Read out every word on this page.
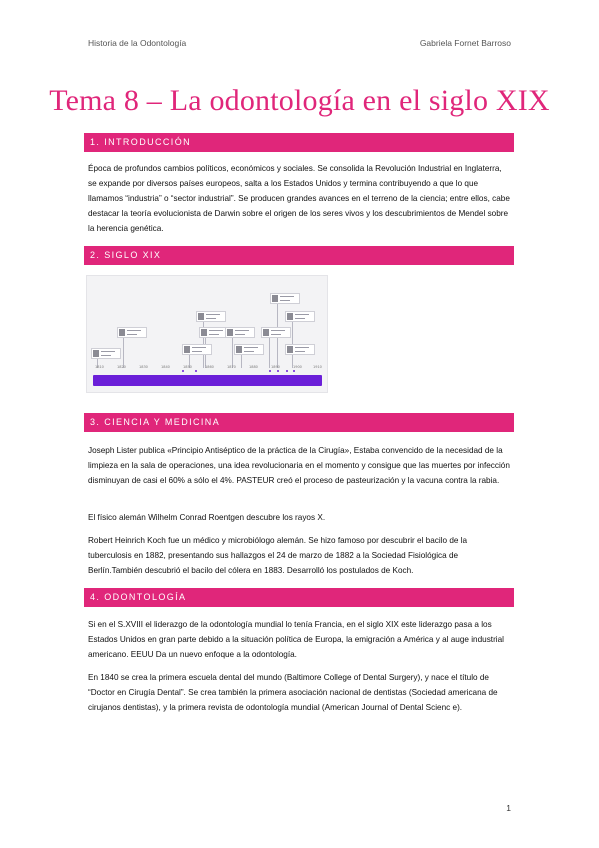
Historia de la Odontología	Gabriela Fornet Barroso
Tema 8 – La odontología en el siglo XIX
1. INTRODUCCIÓN
Época de profundos cambios políticos, económicos y sociales. Se consolida la Revolución Industrial en Inglaterra, se expande por diversos países europeos, salta a los Estados Unidos y termina contribuyendo a que lo que llamamos “industria” o “sector industrial”. Se producen grandes avances en el terreno de la ciencia; entre ellos, cabe destacar la teoría evolucionista de Darwin sobre el origen de los seres vivos y los descubrimientos de Mendel sobre la herencia genética.
2. SIGLO XIX
1810	1820	1830	1840	1850	1860	1870	1880	1890	1900	1910
3. CIENCIA Y MEDICINA
Joseph Lister publica «Principio Antiséptico de la práctica de la Cirugía», Estaba convencido de la necesidad de la limpieza en la sala de operaciones, una idea revolucionaria en el momento y consigue que las muertes por infección disminuyan de casi el 60% a sólo el 4%. PASTEUR creó el proceso de pasteurización y la vacuna contra la rabia.
El físico alemán Wilhelm Conrad Roentgen descubre los rayos X.
Robert Heinrich Koch fue un médico y microbiólogo alemán. Se hizo famoso por descubrir el bacilo de la tuberculosis en 1882, presentando sus hallazgos el 24 de marzo de 1882 a la Sociedad Fisiológica de Berlín.También descubrió el bacilo del cólera en 1883. Desarrolló los postulados de Koch.
4. ODONTOLOGÍA
Si en el S.XVIII el liderazgo de la odontología mundial lo tenía Francia, en el siglo XIX este liderazgo pasa a los Estados Unidos en gran parte debido a la situación política de Europa, la emigración a América y al auge industrial americano. EEUU Da un nuevo enfoque a la odontología.
En 1840 se crea la primera escuela dental del mundo (Baltimore College of Dental Surgery), y nace el título de “Doctor en Cirugía Dental”. Se crea también la primera asociación nacional de dentistas (Sociedad americana de cirujanos dentistas), y la primera revista de odontología mundial (American Journal of Dental Scienc e).
1
